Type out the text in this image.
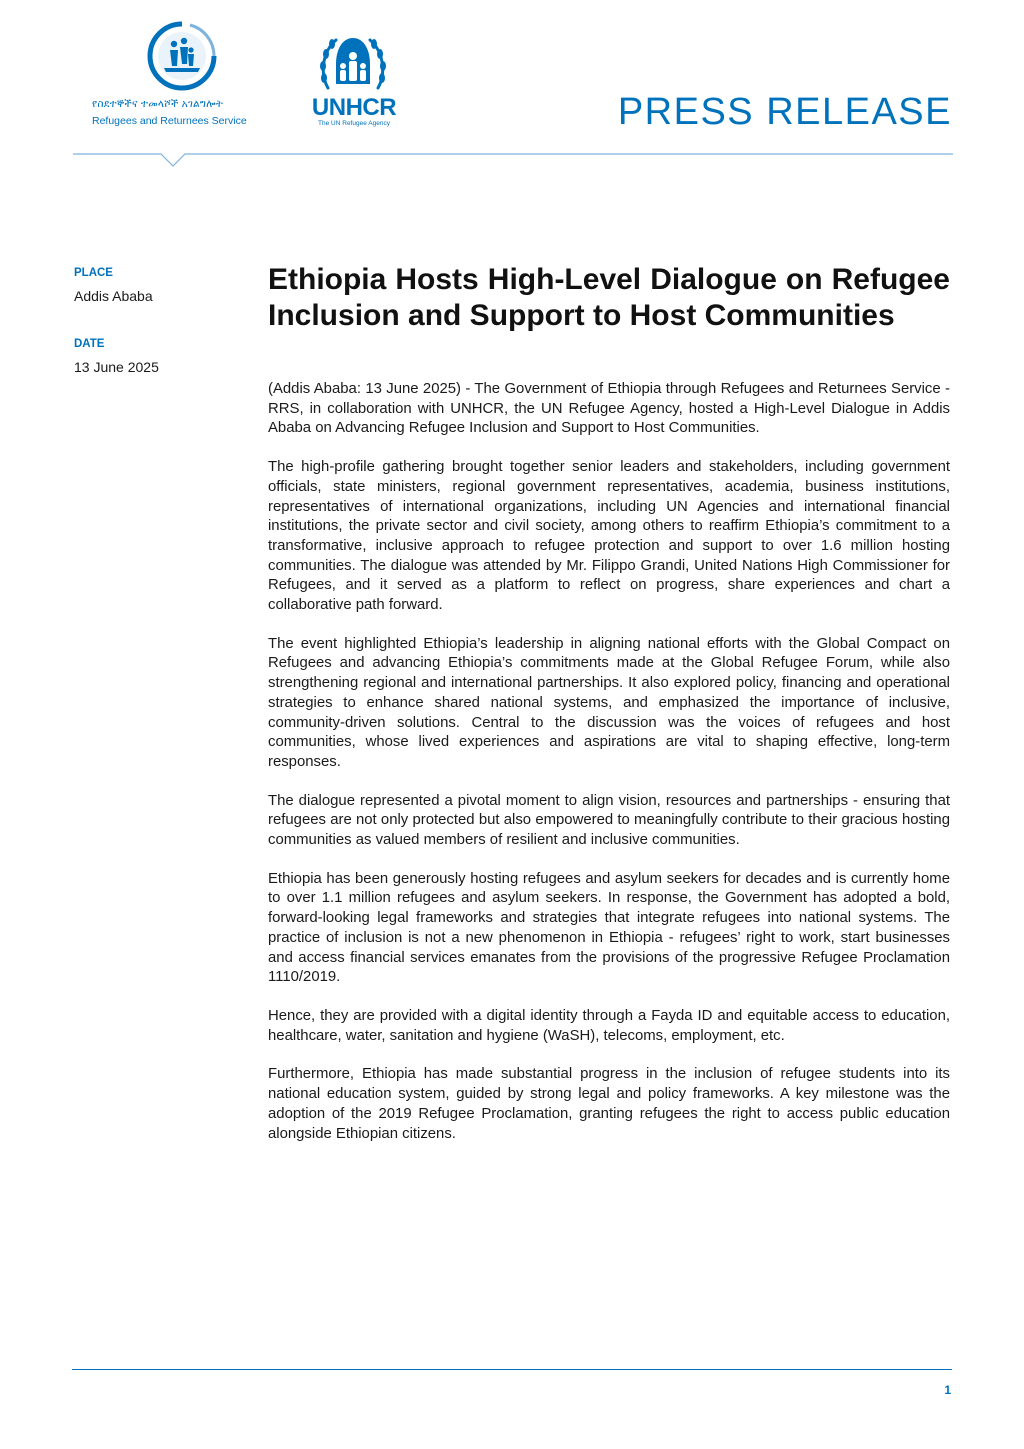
የስደተኞችና ተመላሾች አገልግሎት
Refugees and Returnees Service	UNHCR
The UN Refugee Agency	PRESS RELEASE
PLACE
Addis Ababa
DATE
13 June 2025
Ethiopia Hosts High-Level Dialogue on Refugee Inclusion and Support to Host Communities

(Addis Ababa: 13 June 2025) - The Government of Ethiopia through Refugees and Returnees Service - RRS, in collaboration with UNHCR, the UN Refugee Agency, hosted a High-Level Dialogue in Addis Ababa on Advancing Refugee Inclusion and Support to Host Communities.

The high-profile gathering brought together senior leaders and stakeholders, including government officials, state ministers, regional government representatives, academia, business institutions, representatives of international organizations, including UN Agencies and international financial institutions, the private sector and civil society, among others to reaffirm Ethiopia’s commitment to a transformative, inclusive approach to refugee protection and support to over 1.6 million hosting communities. The dialogue was attended by Mr. Filippo Grandi, United Nations High Commissioner for Refugees, and it served as a platform to reflect on progress, share experiences and chart a collaborative path forward.

The event highlighted Ethiopia’s leadership in aligning national efforts with the Global Compact on Refugees and advancing Ethiopia’s commitments made at the Global Refugee Forum, while also strengthening regional and international partnerships. It also explored policy, financing and operational strategies to enhance shared national systems, and emphasized the importance of inclusive, community-driven solutions. Central to the discussion was the voices of refugees and host communities, whose lived experiences and aspirations are vital to shaping effective, long-term responses.

The dialogue represented a pivotal moment to align vision, resources and partnerships - ensuring that refugees are not only protected but also empowered to meaningfully contribute to their gracious hosting communities as valued members of resilient and inclusive communities.

Ethiopia has been generously hosting refugees and asylum seekers for decades and is currently home to over 1.1 million refugees and asylum seekers. In response, the Government has adopted a bold, forward-looking legal frameworks and strategies that integrate refugees into national systems. The practice of inclusion is not a new phenomenon in Ethiopia - refugees’ right to work, start businesses and access financial services emanates from the provisions of the progressive Refugee Proclamation 1110/2019.

Hence, they are provided with a digital identity through a Fayda ID and equitable access to education, healthcare, water, sanitation and hygiene (WaSH), telecoms, employment, etc.

Furthermore, Ethiopia has made substantial progress in the inclusion of refugee students into its national education system, guided by strong legal and policy frameworks. A key milestone was the adoption of the 2019 Refugee Proclamation, granting refugees the right to access public education alongside Ethiopian citizens.

1
